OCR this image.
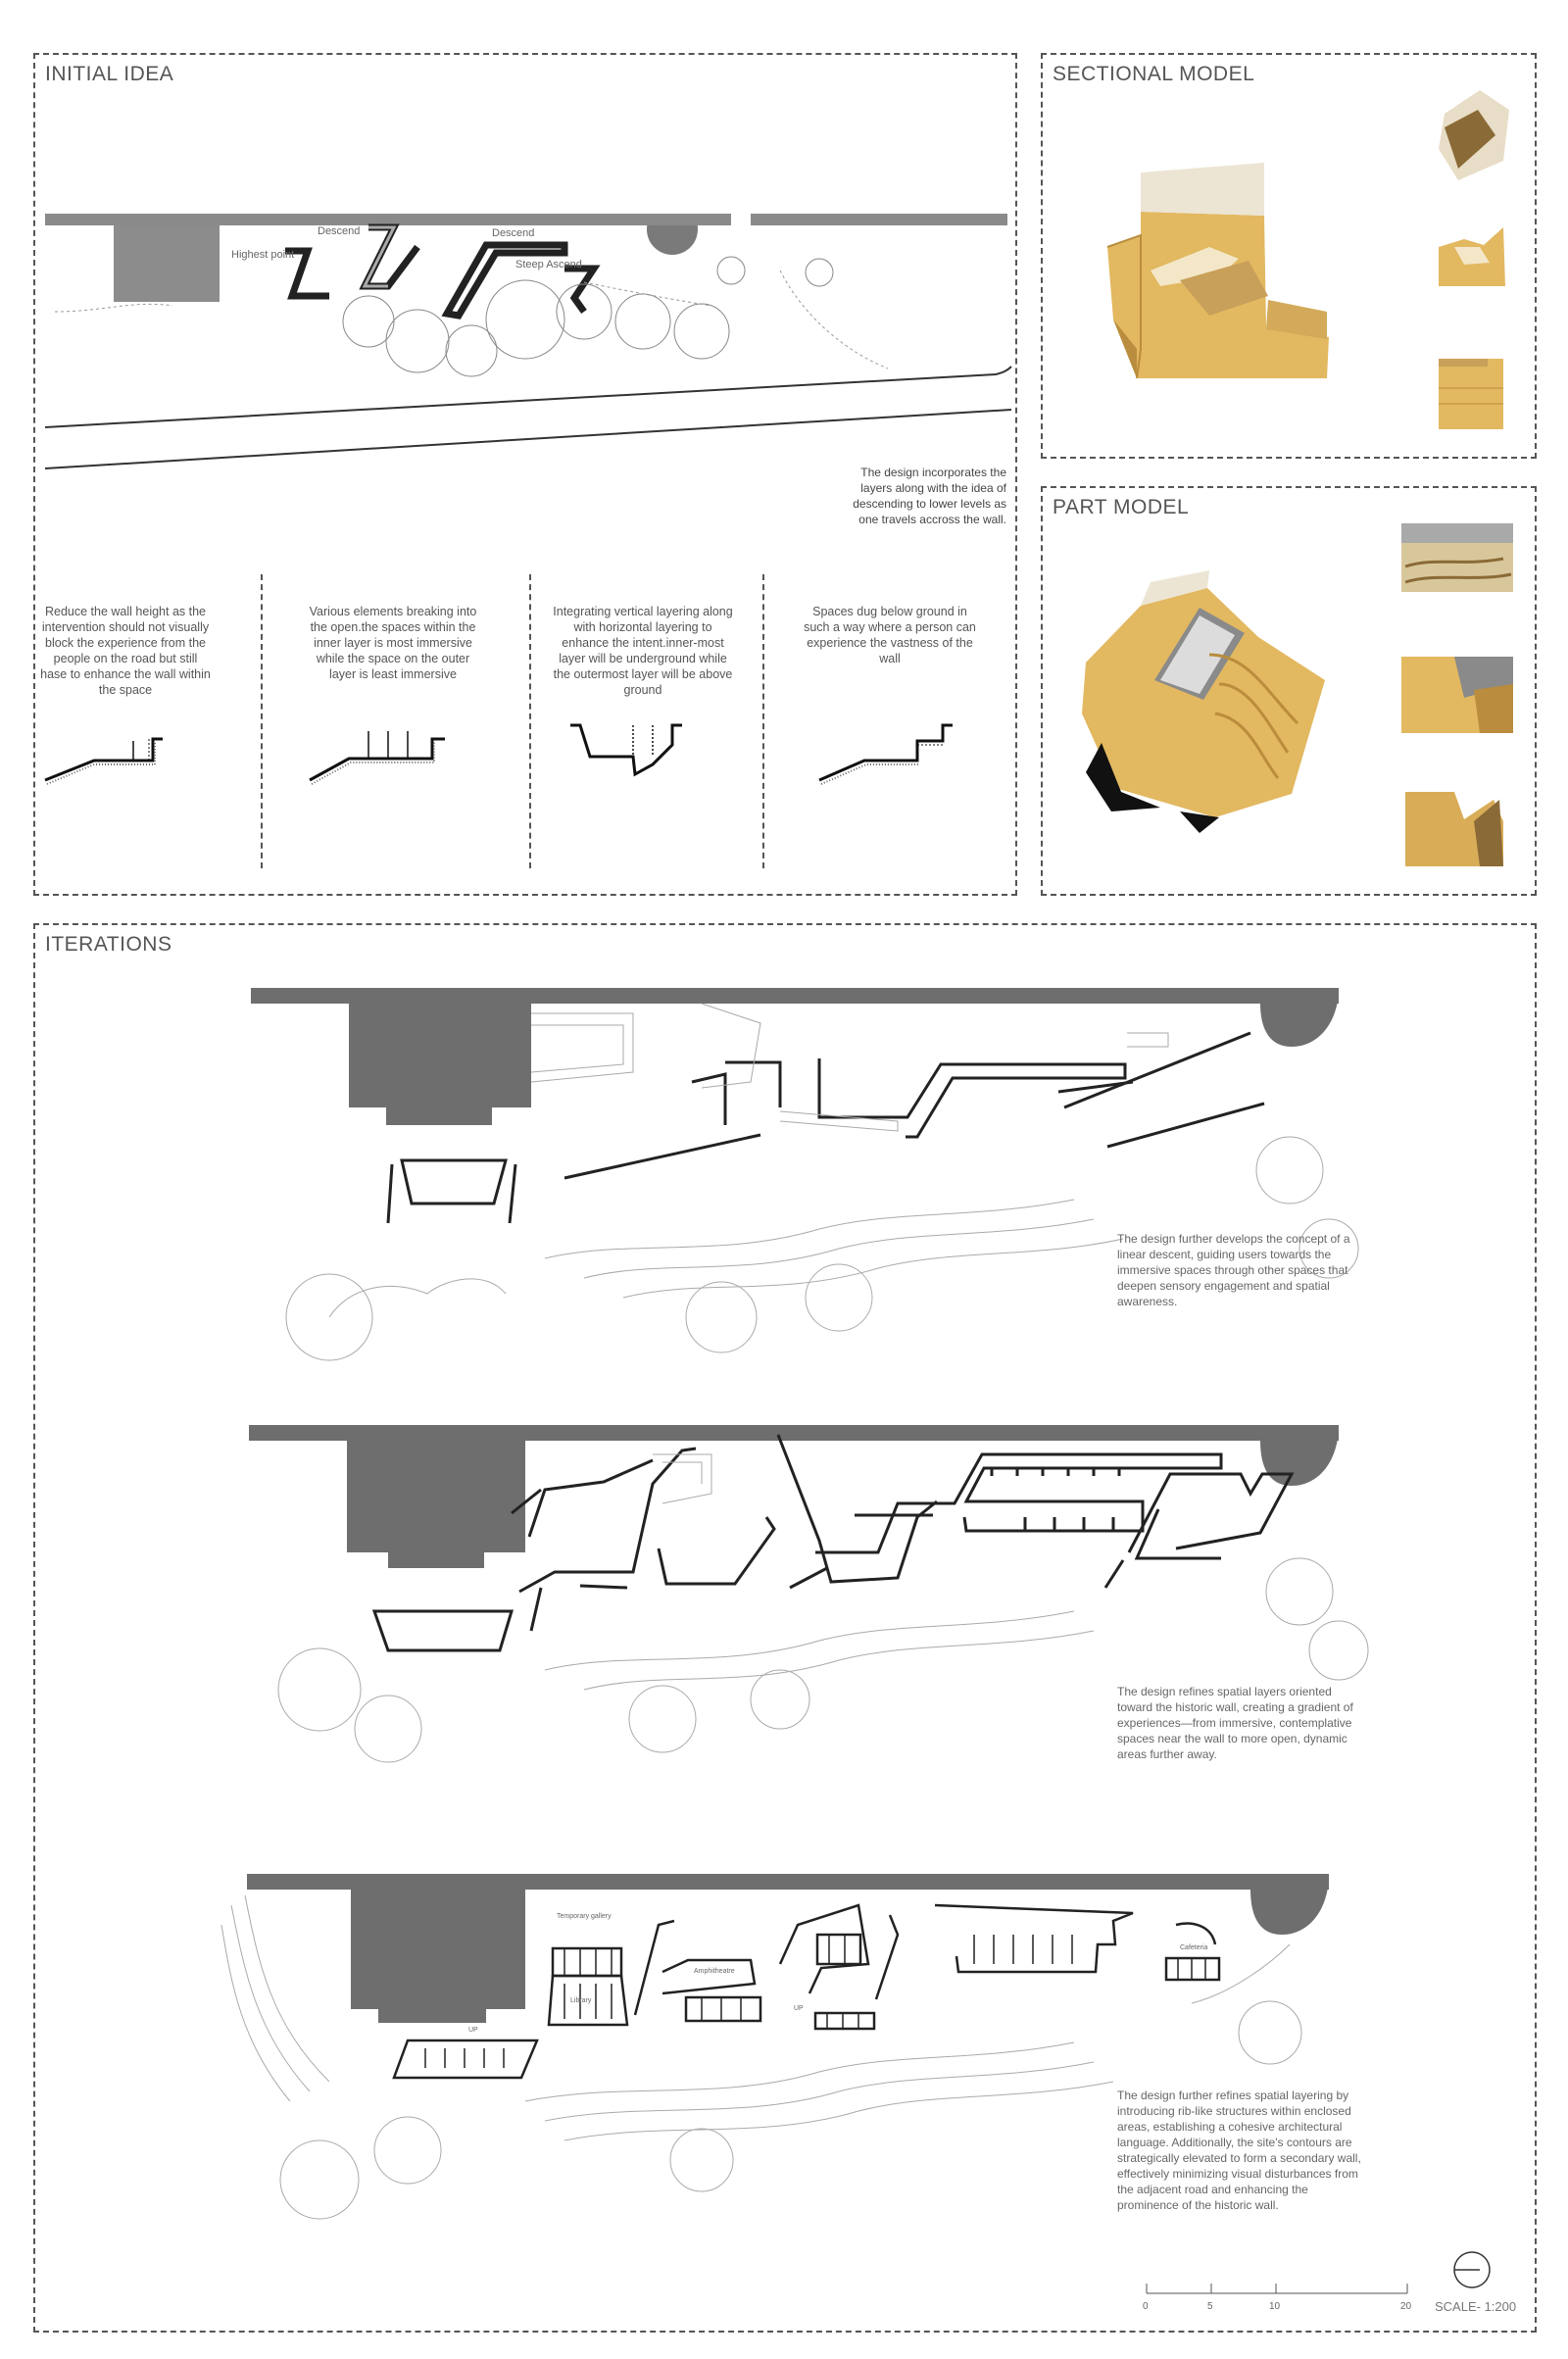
INITIAL IDEA
Highest point
Descend	Descend
Steep Ascend
The design incorporates the layers along with the idea of descending to lower levels as one travels accross the wall.
Reduce the wall height as the intervention should not visually block the experience from the people on the road but still hase to enhance the wall within the space
Various elements breaking into the open.the spaces within the inner layer is most immersive while the space on the outer layer is least immersive
Integrating vertical layering along with horizontal layering to enhance the intent.inner-most layer will be underground while the outermost layer will be above ground
Spaces dug below ground in such a way where a person can experience the vastness of the wall
SECTIONAL MODEL
PART MODEL
ITERATIONS
The design further develops the concept of a linear descent, guiding users towards the immersive spaces through other spaces that deepen sensory engagement and spatial awareness.
The design refines spatial layers oriented toward the historic wall, creating a gradient of experiences—from immersive, contemplative spaces near the wall to more open, dynamic areas further away.
The design further refines spatial layering by introducing rib-like structures within enclosed areas, establishing a cohesive architectural language. Additionally, the site's contours are strategically elevated to form a secondary wall, effectively minimizing visual disturbances from the adjacent road and enhancing the prominence of the historic wall.
Temporary gallery
Amphitheatre
Cafeteria
Library
UP
UP
0	5	10	20 SCALE- 1:200
